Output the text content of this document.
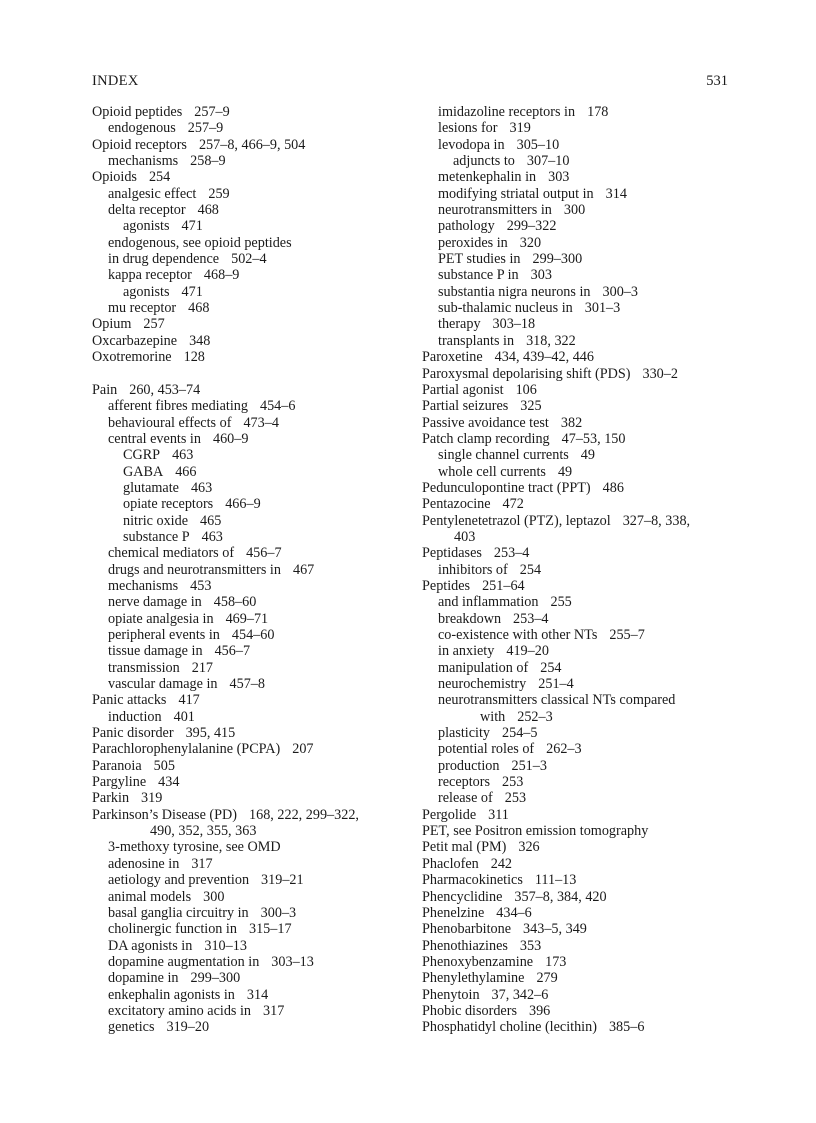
INDEX	531
Opioid peptides 257–9
endogenous 257–9
Opioid receptors 257–8, 466–9, 504
mechanisms 258–9
Opioids 254
analgesic effect 259
delta receptor 468
agonists 471
endogenous, see opioid peptides
in drug dependence 502–4
kappa receptor 468–9
agonists 471
mu receptor 468
Opium 257
Oxcarbazepine 348
Oxotremorine 128
Pain 260, 453–74
afferent fibres mediating 454–6
behavioural effects of 473–4
central events in 460–9
CGRP 463
GABA 466
glutamate 463
opiate receptors 466–9
nitric oxide 465
substance P 463
chemical mediators of 456–7
drugs and neurotransmitters in 467
mechanisms 453
nerve damage in 458–60
opiate analgesia in 469–71
peripheral events in 454–60
tissue damage in 456–7
transmission 217
vascular damage in 457–8
Panic attacks 417
induction 401
Panic disorder 395, 415
Parachlorophenylalanine (PCPA) 207
Paranoia 505
Pargyline 434
Parkin 319
Parkinson’s Disease (PD) 168, 222, 299–322,
490, 352, 355, 363
3-methoxy tyrosine, see OMD
adenosine in 317
aetiology and prevention 319–21
animal models 300
basal ganglia circuitry in 300–3
cholinergic function in 315–17
DA agonists in 310–13
dopamine augmentation in 303–13
dopamine in 299–300
enkephalin agonists in 314
excitatory amino acids in 317
genetics 319–20
imidazoline receptors in 178
lesions for 319
levodopa in 305–10
adjuncts to 307–10
metenkephalin in 303
modifying striatal output in 314
neurotransmitters in 300
pathology 299–322
peroxides in 320
PET studies in 299–300
substance P in 303
substantia nigra neurons in 300–3
sub-thalamic nucleus in 301–3
therapy 303–18
transplants in 318, 322
Paroxetine 434, 439–42, 446
Paroxysmal depolarising shift (PDS) 330–2
Partial agonist 106
Partial seizures 325
Passive avoidance test 382
Patch clamp recording 47–53, 150
single channel currents 49
whole cell currents 49
Pedunculopontine tract (PPT) 486
Pentazocine 472
Pentylenetetrazol (PTZ), leptazol 327–8, 338,
403
Peptidases 253–4
inhibitors of 254
Peptides 251–64
and inflammation 255
breakdown 253–4
co-existence with other NTs 255–7
in anxiety 419–20
manipulation of 254
neurochemistry 251–4
neurotransmitters classical NTs compared
with 252–3
plasticity 254–5
potential roles of 262–3
production 251–3
receptors 253
release of 253
Pergolide 311
PET, see Positron emission tomography
Petit mal (PM) 326
Phaclofen 242
Pharmacokinetics 111–13
Phencyclidine 357–8, 384, 420
Phenelzine 434–6
Phenobarbitone 343–5, 349
Phenothiazines 353
Phenoxybenzamine 173
Phenylethylamine 279
Phenytoin 37, 342–6
Phobic disorders 396
Phosphatidyl choline (lecithin) 385–6
